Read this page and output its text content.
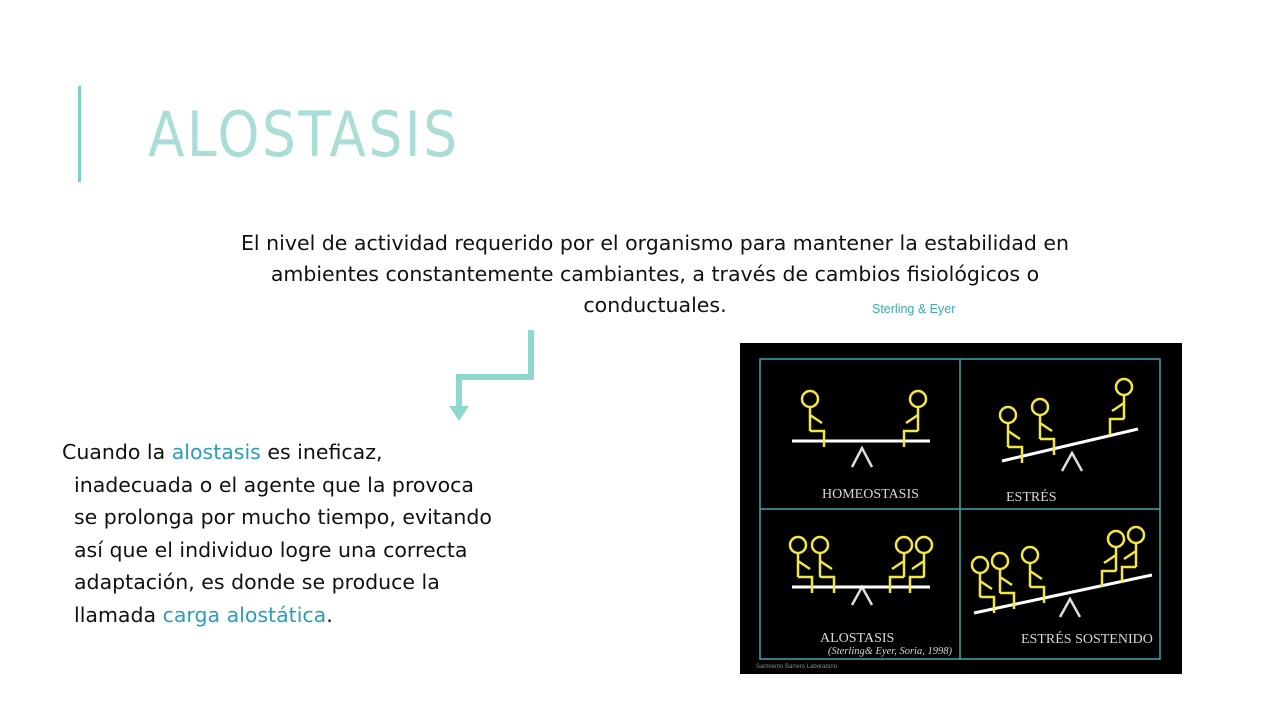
ALOSTASIS
El nivel de actividad requerido por el organismo para mantener la estabilidad en ambientes constantemente cambiantes, a través de cambios fisiológicos o conductuales.	Sterling & Eyer
Cuando la alostasis es ineficaz,
inadecuada o el agente que la provoca
se prolonga por mucho tiempo, evitando
así que el individuo logre una correcta
adaptación, es donde se produce la
llamada carga alostática.
HOMEOSTASIS	ESTRÉS
ALOSTASIS	ESTRÉS SOSTENIDO
(Sterling& Eyer, Soria, 1998)
Sarmiento Barrero Laboratorio
